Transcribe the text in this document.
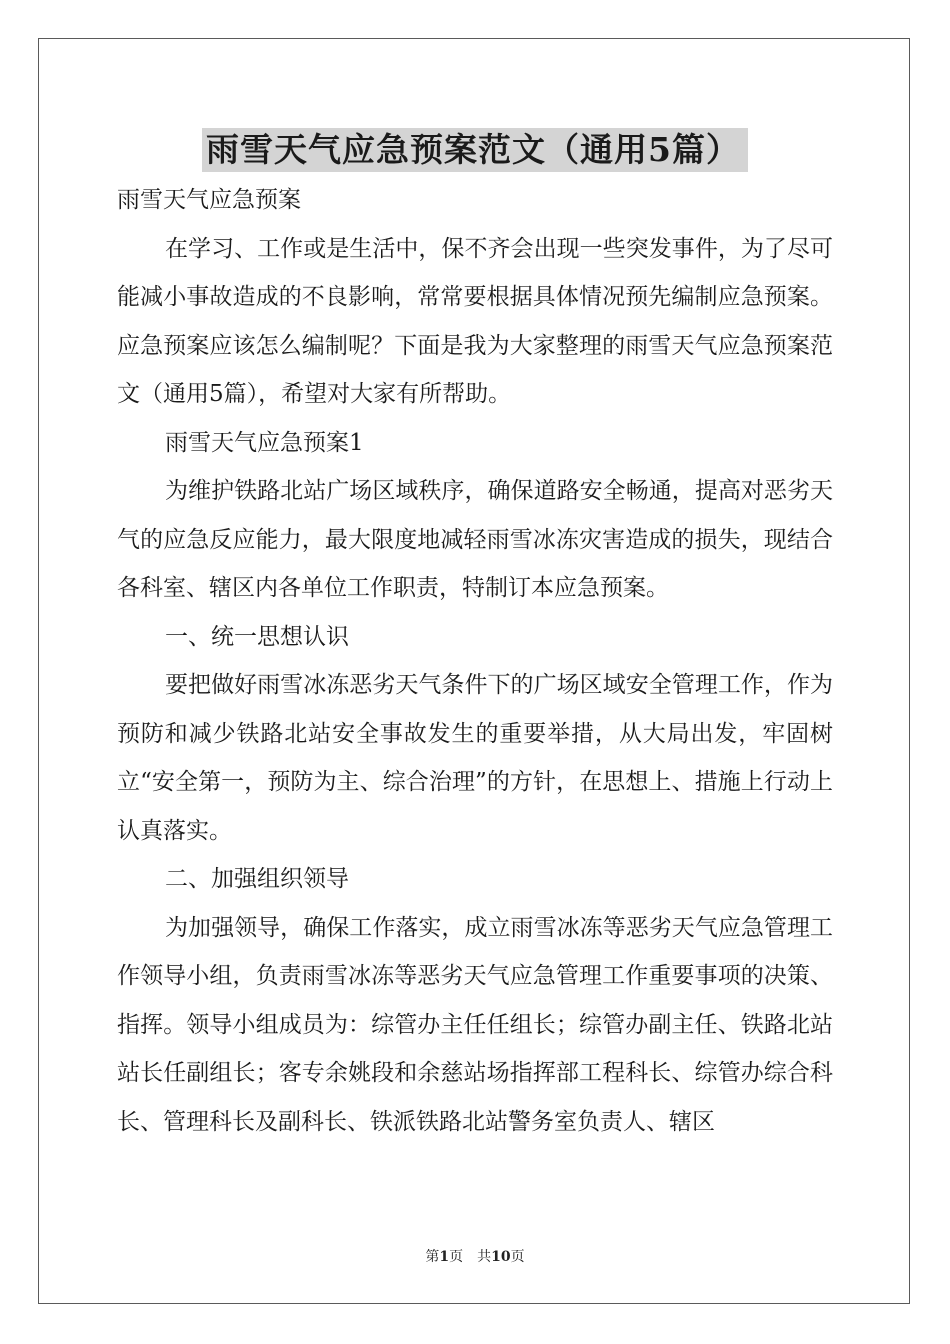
雨雪天气应急预案范文（通用5篇）

雨雪天气应急预案

在学习、工作或是生活中，保不齐会出现一些突发事件，为了尽可能减小事故造成的不良影响，常常要根据具体情况预先编制应急预案。应急预案应该怎么编制呢？下面是我为大家整理的雨雪天气应急预案范文（通用5篇），希望对大家有所帮助。

雨雪天气应急预案1

为维护铁路北站广场区域秩序，确保道路安全畅通，提高对恶劣天气的应急反应能力，最大限度地减轻雨雪冰冻灾害造成的损失，现结合各科室、辖区内各单位工作职责，特制订本应急预案。

一、统一思想认识

要把做好雨雪冰冻恶劣天气条件下的广场区域安全管理工作，作为预防和减少铁路北站安全事故发生的重要举措，从大局出发，牢固树立“安全第一，预防为主、综合治理”的方针，在思想上、措施上行动上认真落实。

二、加强组织领导

为加强领导，确保工作落实，成立雨雪冰冻等恶劣天气应急管理工作领导小组，负责雨雪冰冻等恶劣天气应急管理工作重要事项的决策、指挥。领导小组成员为：综管办主任任组长；综管办副主任、铁路北站站长任副组长；客专余姚段和余慈站场指挥部工程科长、综管办综合科长、管理科长及副科长、铁派铁路北站警务室负责人、辖区

第1页　共10页
